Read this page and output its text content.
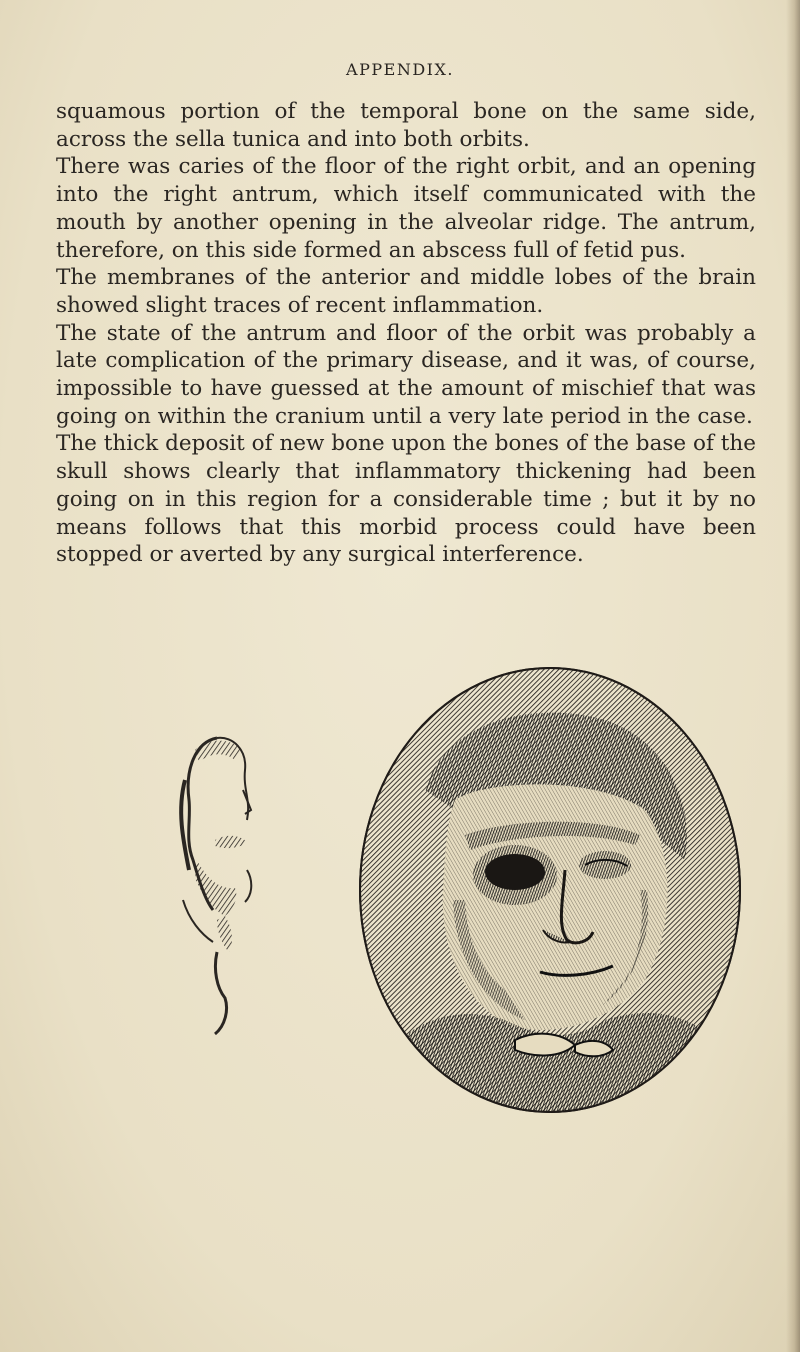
APPENDIX.

squamous portion of the temporal bone on the same side, across the sella tunica and into both orbits.

There was caries of the floor of the right orbit, and an opening into the right antrum, which itself communicated with the mouth by another opening in the alveolar ridge. The antrum, therefore, on this side formed an abscess full of fetid pus.

The membranes of the anterior and middle lobes of the brain showed slight traces of recent inflammation.

The state of the antrum and floor of the orbit was probably a late complication of the primary disease, and it was, of course, impossible to have guessed at the amount of mischief that was going on within the cranium until a very late period in the case.

The thick deposit of new bone upon the bones of the base of the skull shows clearly that inflammatory thickening had been going on in this region for a considerable time ; but it by no means follows that this morbid process could have been stopped or averted by any surgical interference.
